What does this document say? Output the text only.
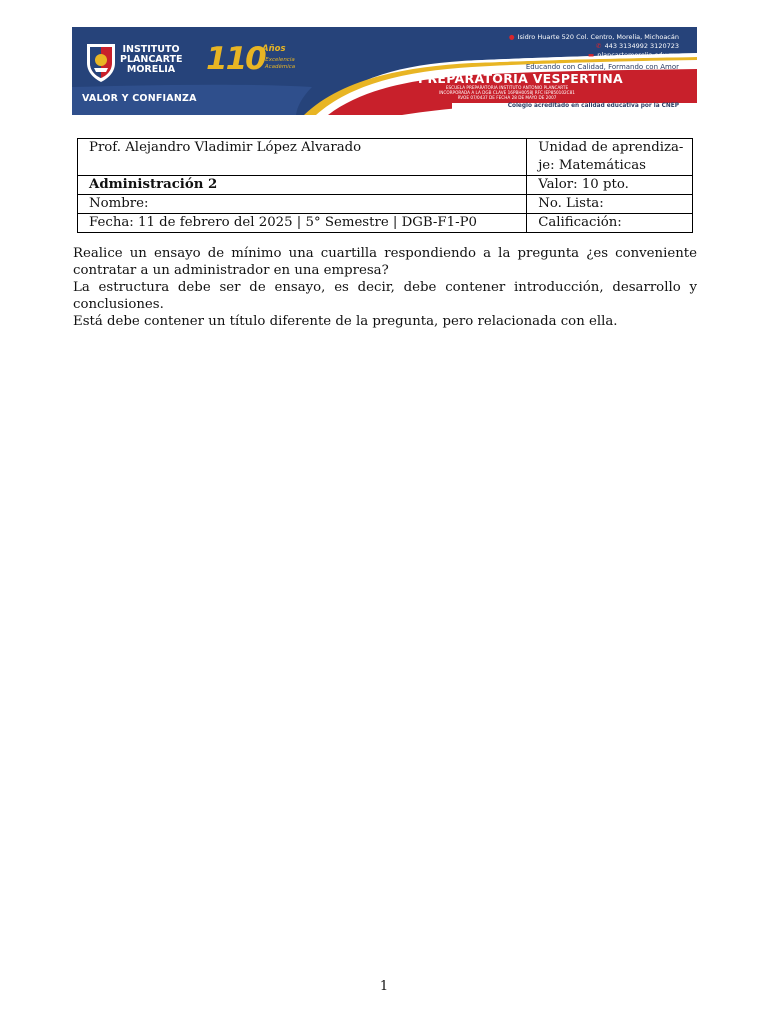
INSTITUTO
PLANCARTE
MORELIA
VALOR Y CONFIANZA
110
Años
Excelencia Académica
● Isidro Huarte 520 Col. Centro, Morelia, Michoacán
✆ 443 3134992 3120723
▬ plancartemorelia.edu.mx
Educando con Calidad, Formando con Amor
PREPARATORIA VESPERTINA
ESCUELA PREPARATORIA INSTITUTO ANTONIO PLANCARTE
INCORPORADA A LA DGB CLAVE 16PBH0058J RFC IEP850102C81
RVOE 07/0437 DE FECHA 28 DE MAYO DE 2007
Colegio acreditado en calidad educativa por la CNEP
Prof. Alejandro Vladimir López Alvarado	Unidad de aprendiza-
je: Matemáticas

Administración 2	Valor: 10 pto.
Nombre:	No. Lista:
Fecha: 11 de febrero del 2025 | 5° Semestre | DGB-F1-P0	Calificación:

Realice un ensayo de mínimo una cuartilla respondiendo a la pregunta ¿es conveniente contratar a un administrador en una empresa?

La estructura debe ser de ensayo, es decir, debe contener introducción, desarrollo y conclusiones.

Está debe contener un título diferente de la pregunta, pero relacionada con ella.

1
